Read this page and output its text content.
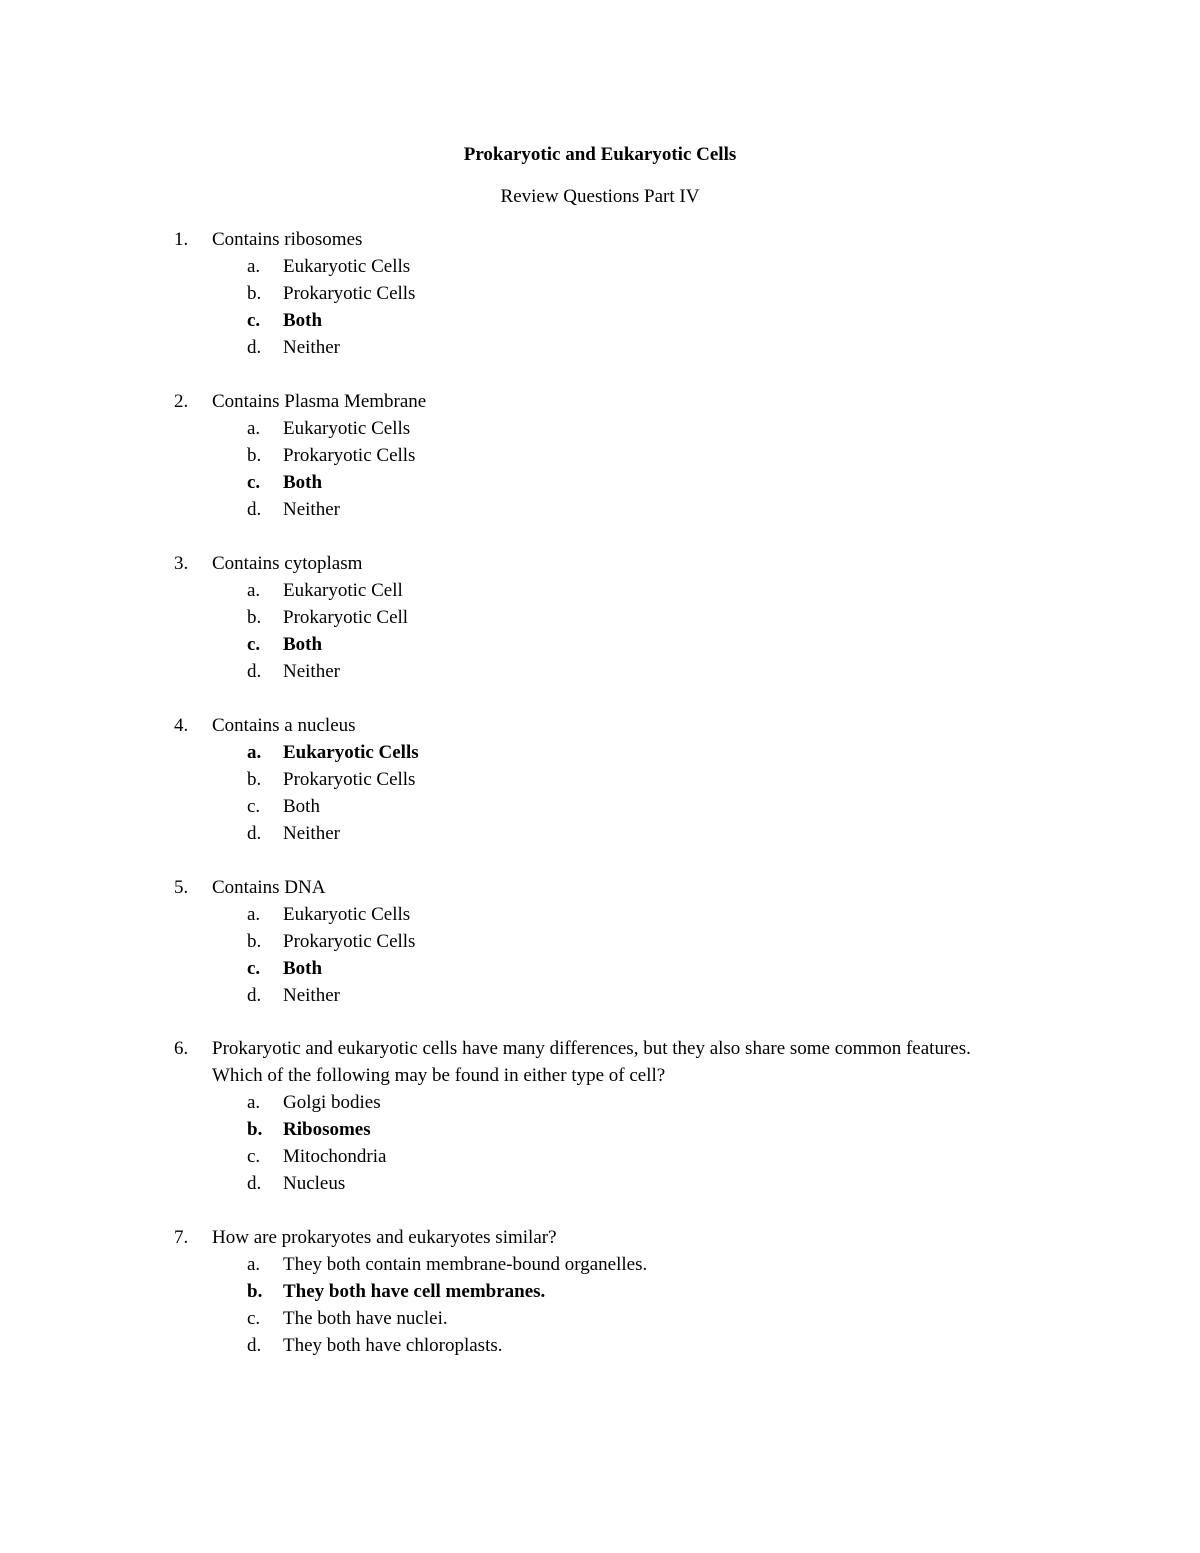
Prokaryotic and Eukaryotic Cells
Review Questions Part IV
1.	Contains ribosomes
a.	Eukaryotic Cells
b.	Prokaryotic Cells
c.	Both
d.	Neither
2.	Contains Plasma Membrane
a.	Eukaryotic Cells
b.	Prokaryotic Cells
c.	Both
d.	Neither
3.	Contains cytoplasm
a.	Eukaryotic Cell
b.	Prokaryotic Cell
c.	Both
d.	Neither
4.	Contains a nucleus
a.	Eukaryotic Cells
b.	Prokaryotic Cells
c.	Both
d.	Neither
5.	Contains DNA
a.	Eukaryotic Cells
b.	Prokaryotic Cells
c.	Both
d.	Neither
6. Prokaryotic and eukaryotic cells have many differences, but they also share some common features. Which of the following may be found in either type of cell?
a.	Golgi bodies
b.	Ribosomes
c.	Mitochondria
d.	Nucleus
7.	How are prokaryotes and eukaryotes similar?
a.	They both contain membrane-bound organelles.
b.	They both have cell membranes.
c.	The both have nuclei.
d.	They both have chloroplasts.
